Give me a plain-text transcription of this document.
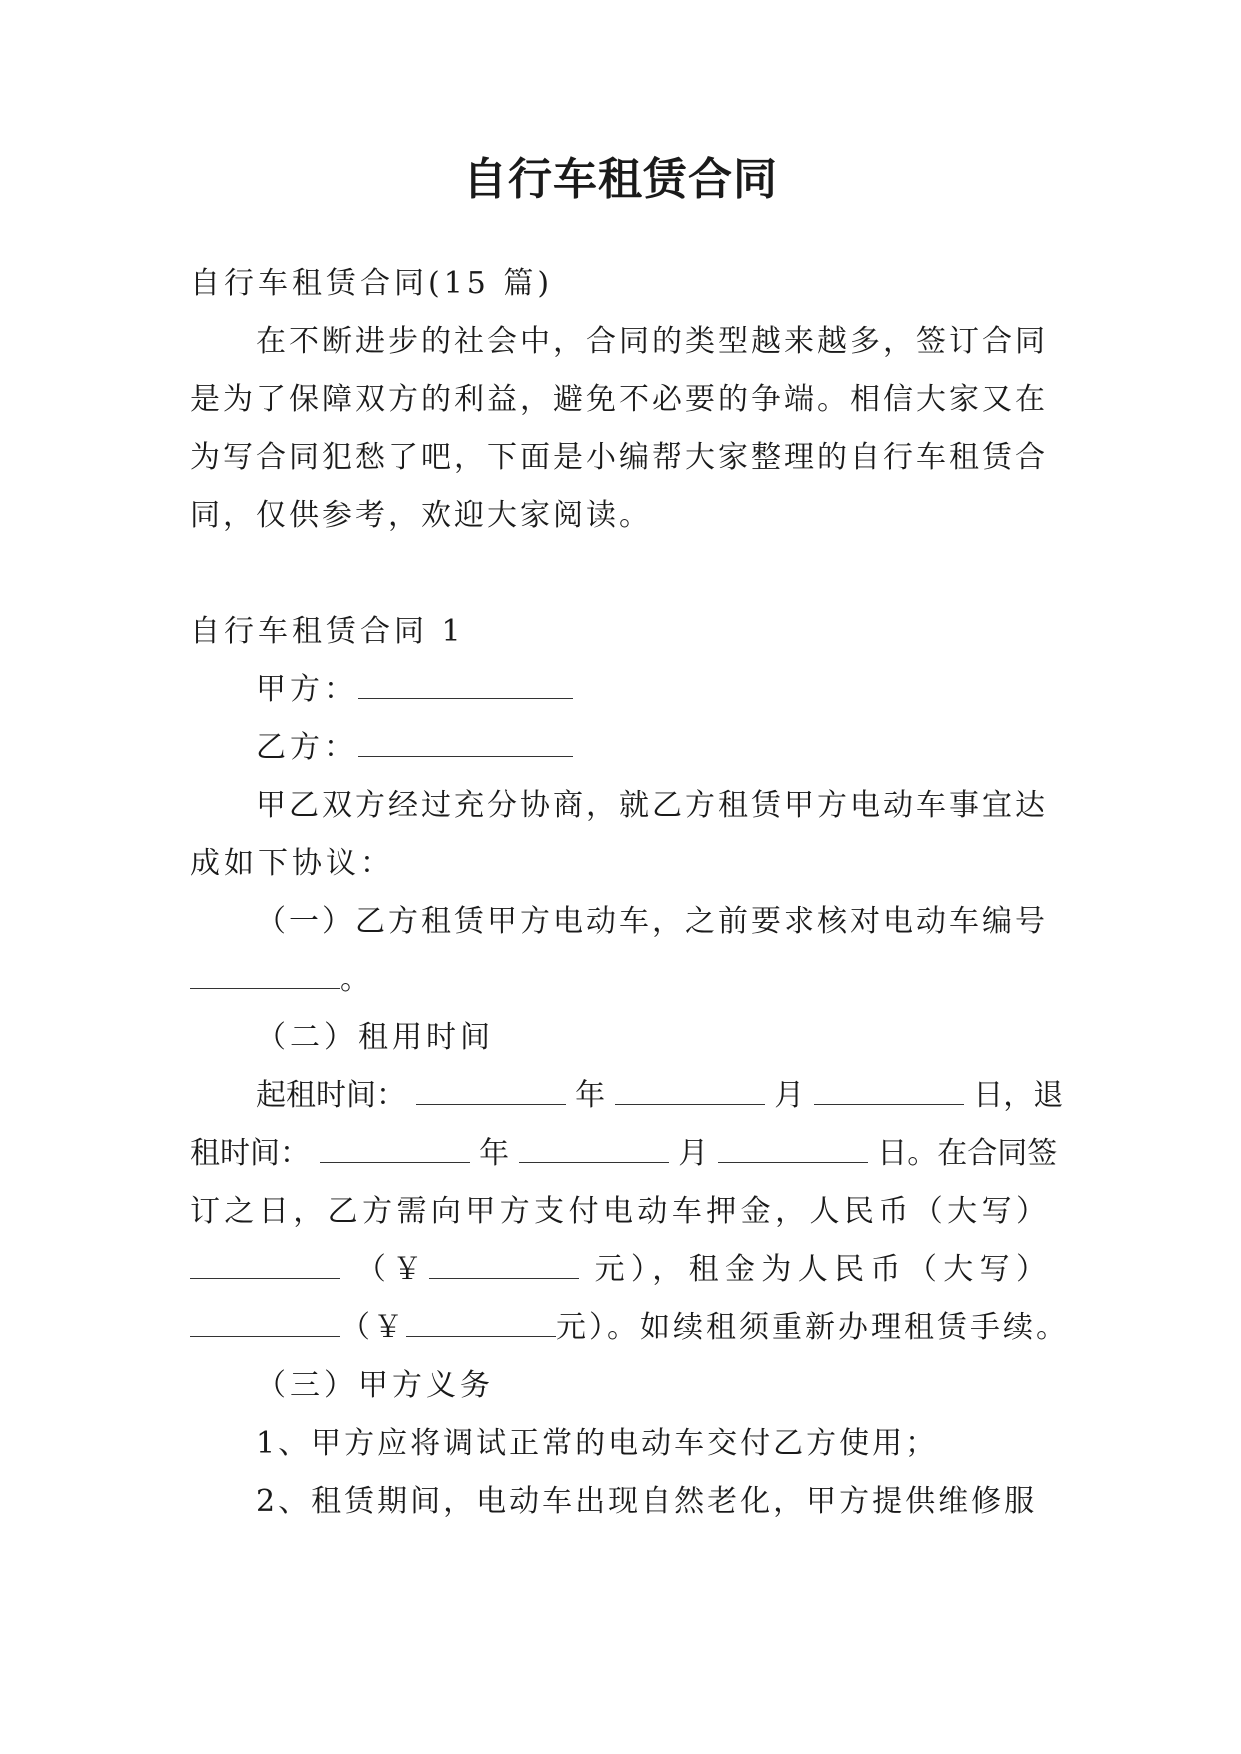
自行车租赁合同
自行车租赁合同(15 篇)
在不断进步的社会中，合同的类型越来越多，签订合同
是为了保障双方的利益，避免不必要的争端。相信大家又在
为写合同犯愁了吧，下面是小编帮大家整理的自行车租赁合
同，仅供参考，欢迎大家阅读。
自行车租赁合同 1
甲方：
乙方：
甲乙双方经过充分协商，就乙方租赁甲方电动车事宜达
成如下协议：
（一）乙方租赁甲方电动车，之前要求核对电动车编号
。
（二）租用时间
起租时间：	年	月	日，退
租时间：	年	月	日。在合同签
订之日，乙方需向甲方支付电动车押金，人民币（大写）
（￥	元），租金为人民币（大写）
（￥	元）。如续租须重新办理租赁手续。
（三）甲方义务
1、甲方应将调试正常的电动车交付乙方使用；
2、租赁期间，电动车出现自然老化，甲方提供维修服
